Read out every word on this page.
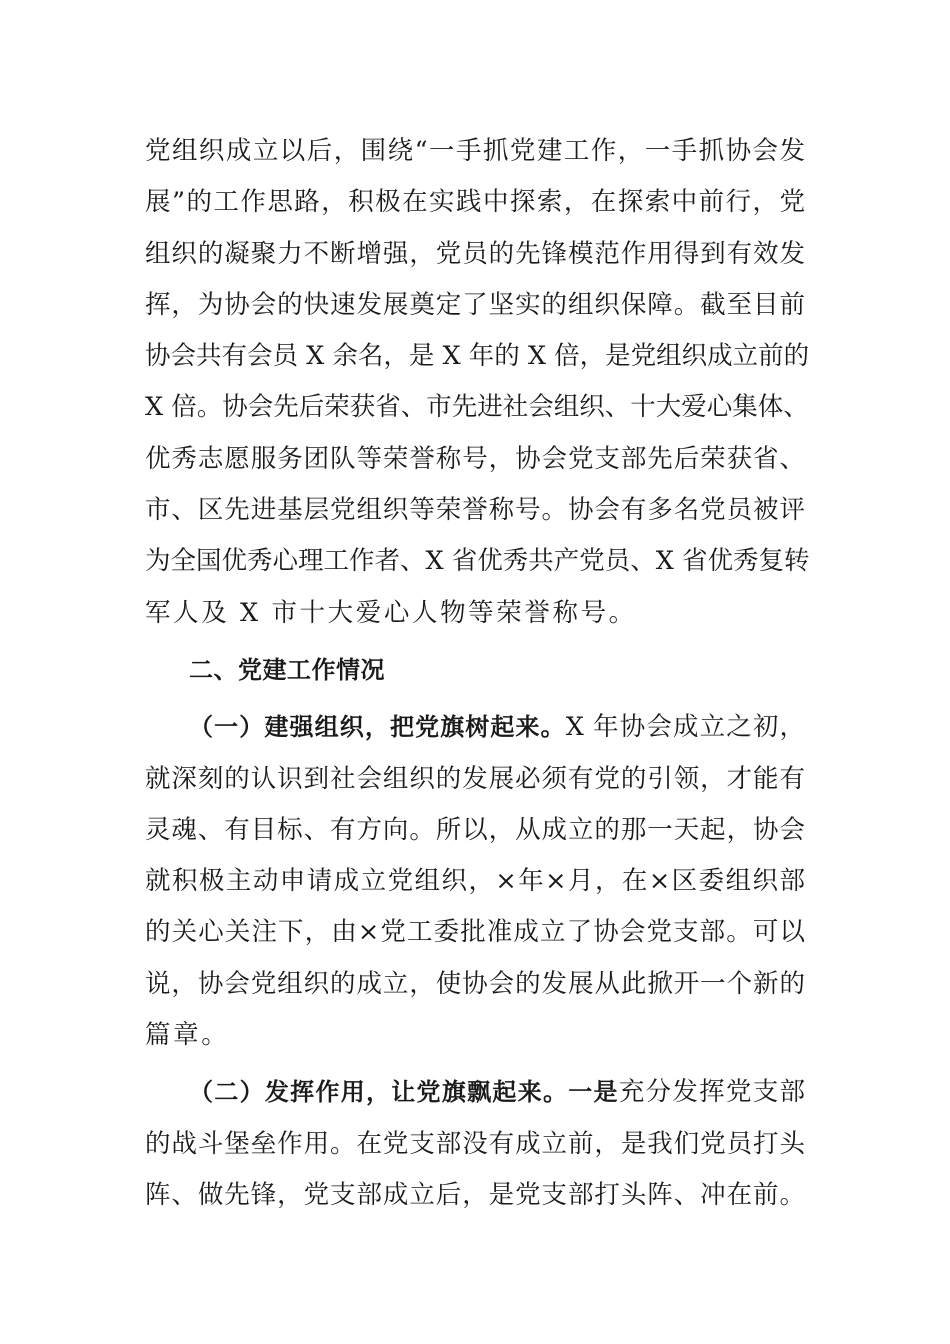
党组织成立以后，围绕“一手抓党建工作，一手抓协会发
展”的工作思路，积极在实践中探索，在探索中前行，党
组织的凝聚力不断增强，党员的先锋模范作用得到有效发
挥，为协会的快速发展奠定了坚实的组织保障。截至目前
协会共有会员 X 余名，是 X 年的 X 倍，是党组织成立前的
X 倍。协会先后荣获省、市先进社会组织、十大爱心集体、
优秀志愿服务团队等荣誉称号，协会党支部先后荣获省、
市、区先进基层党组织等荣誉称号。协会有多名党员被评
为全国优秀心理工作者、X 省优秀共产党员、X 省优秀复转
军人及 X 市十大爱心人物等荣誉称号。
二、党建工作情况
（一）建强组织，把党旗树起来。X 年协会成立之初，
就深刻的认识到社会组织的发展必须有党的引领，才能有
灵魂、有目标、有方向。所以，从成立的那一天起，协会
就积极主动申请成立党组织，×年×月，在×区委组织部
的关心关注下，由×党工委批准成立了协会党支部。可以
说，协会党组织的成立，使协会的发展从此掀开一个新的
篇章。
（二）发挥作用，让党旗飘起来。一是充分发挥党支部
的战斗堡垒作用。在党支部没有成立前，是我们党员打头
阵、做先锋，党支部成立后，是党支部打头阵、冲在前。
